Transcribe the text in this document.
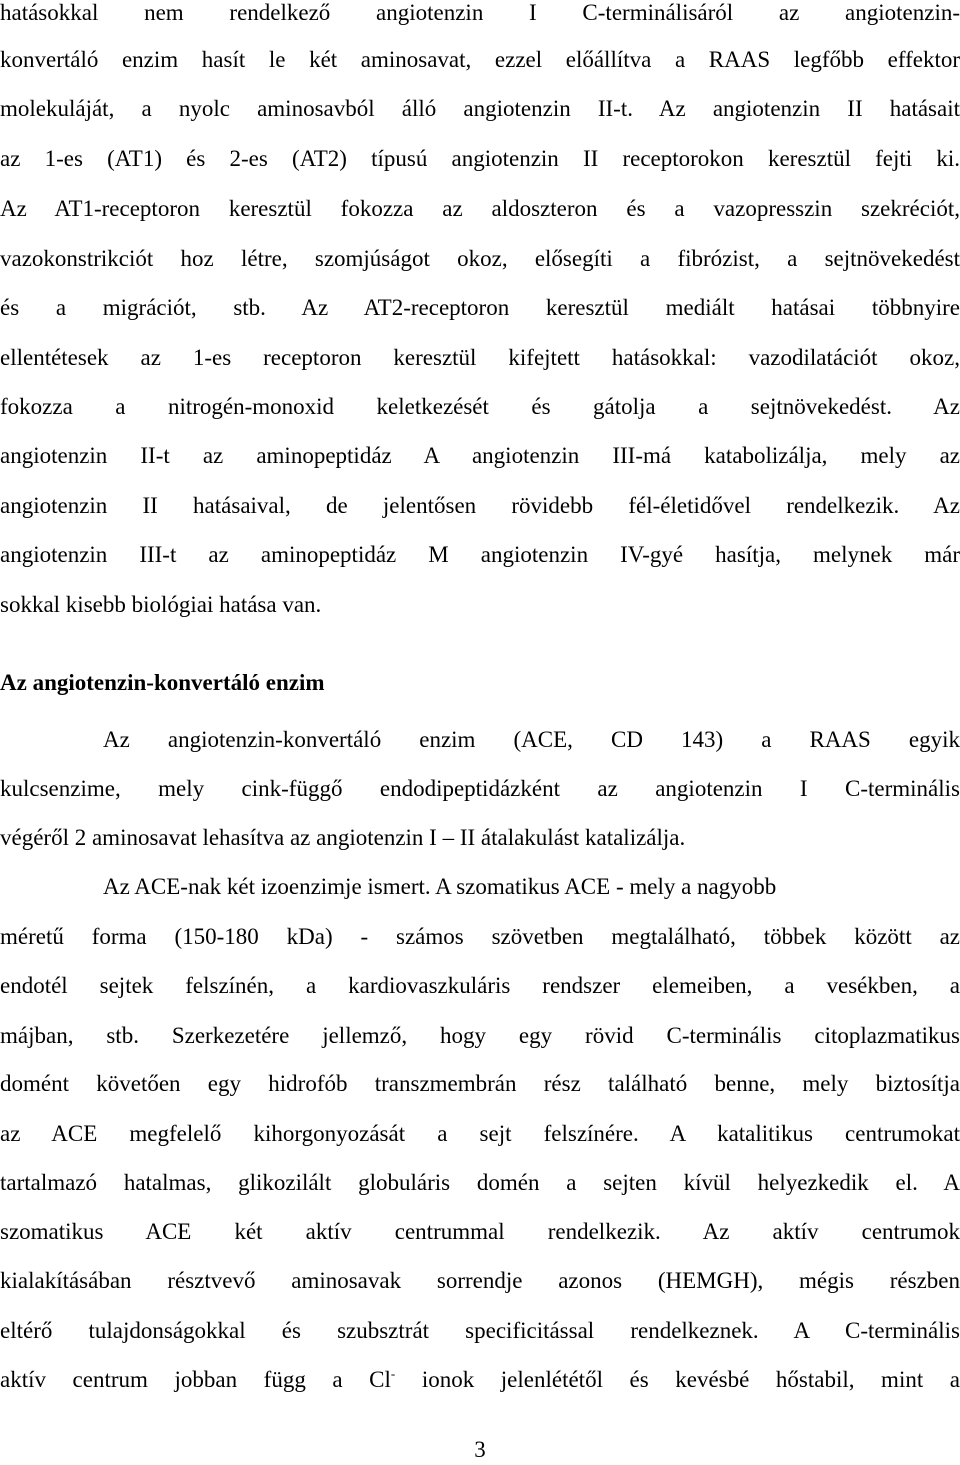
hatásokkal nem rendelkező angiotenzin I C-terminálisáról az angiotenzin-
konvertáló enzim hasít le két aminosavat, ezzel előállítva a RAAS legfőbb effektor
molekuláját, a nyolc aminosavból álló angiotenzin II-t. Az angiotenzin II hatásait
az 1-es (AT1) és 2-es (AT2) típusú angiotenzin II receptorokon keresztül fejti ki.
Az AT1-receptoron keresztül fokozza az aldoszteron és a vazopresszin szekréciót,
vazokonstrikciót hoz létre, szomjúságot okoz, elősegíti a fibrózist, a sejtnövekedést
és a migrációt, stb. Az AT2-receptoron keresztül mediált hatásai többnyire
ellentétesek az 1-es receptoron keresztül kifejtett hatásokkal: vazodilatációt okoz,
fokozza a nitrogén-monoxid keletkezését és gátolja a sejtnövekedést. Az
angiotenzin II-t az aminopeptidáz A angiotenzin III-má katabolizálja, mely az
angiotenzin II hatásaival, de jelentősen rövidebb fél-életidővel rendelkezik. Az
angiotenzin III-t az aminopeptidáz M angiotenzin IV-gyé hasítja, melynek már
sokkal kisebb biológiai hatása van.
Az angiotenzin-konvertáló enzim
Az angiotenzin-konvertáló enzim (ACE, CD 143) a RAAS egyik
kulcsenzime, mely cink-függő endodipeptidázként az angiotenzin I C-terminális
végéről 2 aminosavat lehasítva az angiotenzin I – II átalakulást katalizálja.
Az ACE-nak két izoenzimje ismert. A szomatikus ACE - mely a nagyobb
méretű forma (150-180 kDa) - számos szövetben megtalálható, többek között az
endotél sejtek felszínén, a kardiovaszkuláris rendszer elemeiben, a vesékben, a
májban, stb. Szerkezetére jellemző, hogy egy rövid C-terminális citoplazmatikus
domént követően egy hidrofób transzmembrán rész található benne, mely biztosítja
az ACE megfelelő kihorgonyozását a sejt felszínére. A katalitikus centrumokat
tartalmazó hatalmas, glikozilált globuláris domén a sejten kívül helyezkedik el. A
szomatikus ACE két aktív centrummal rendelkezik. Az aktív centrumok
kialakításában résztvevő aminosavak sorrendje azonos (HEMGH), mégis részben
eltérő tulajdonságokkal és szubsztrát specificitással rendelkeznek. A C-terminális
aktív centrum jobban függ a Cl- ionok jelenlététől és kevésbé hőstabil, mint a
3
